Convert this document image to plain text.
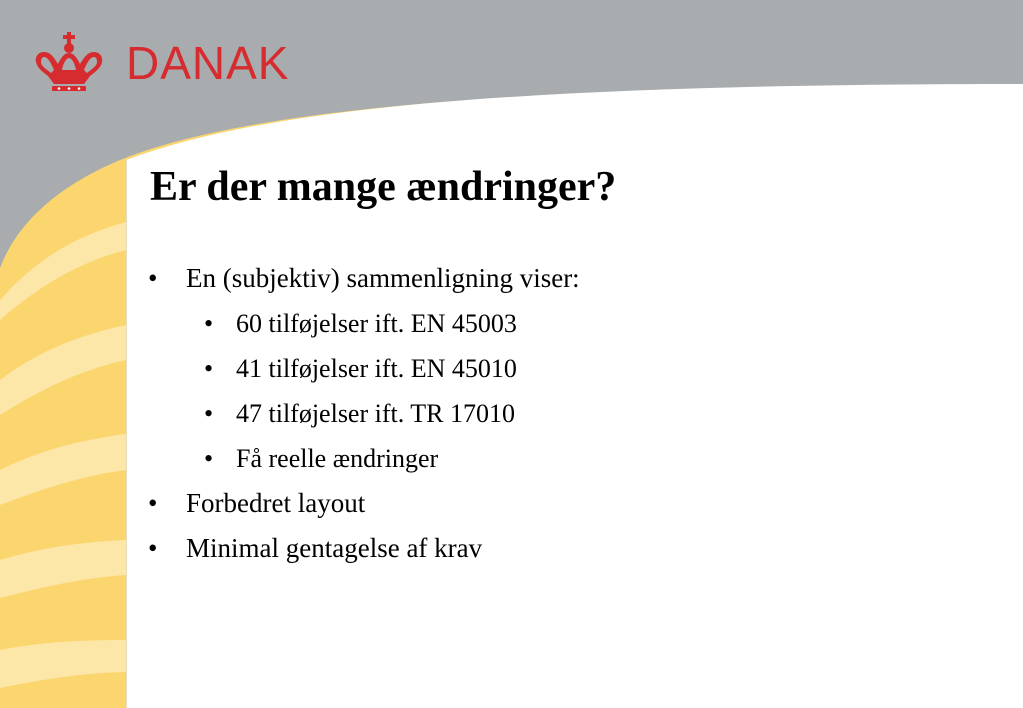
DANAK
Er der mange ændringer?
• En (subjektiv) sammenligning viser:
• 60 tilføjelser ift. EN 45003
• 41 tilføjelser ift. EN 45010
• 47 tilføjelser ift. TR 17010
• Få reelle ændringer
• Forbedret layout
• Minimal gentagelse af krav
